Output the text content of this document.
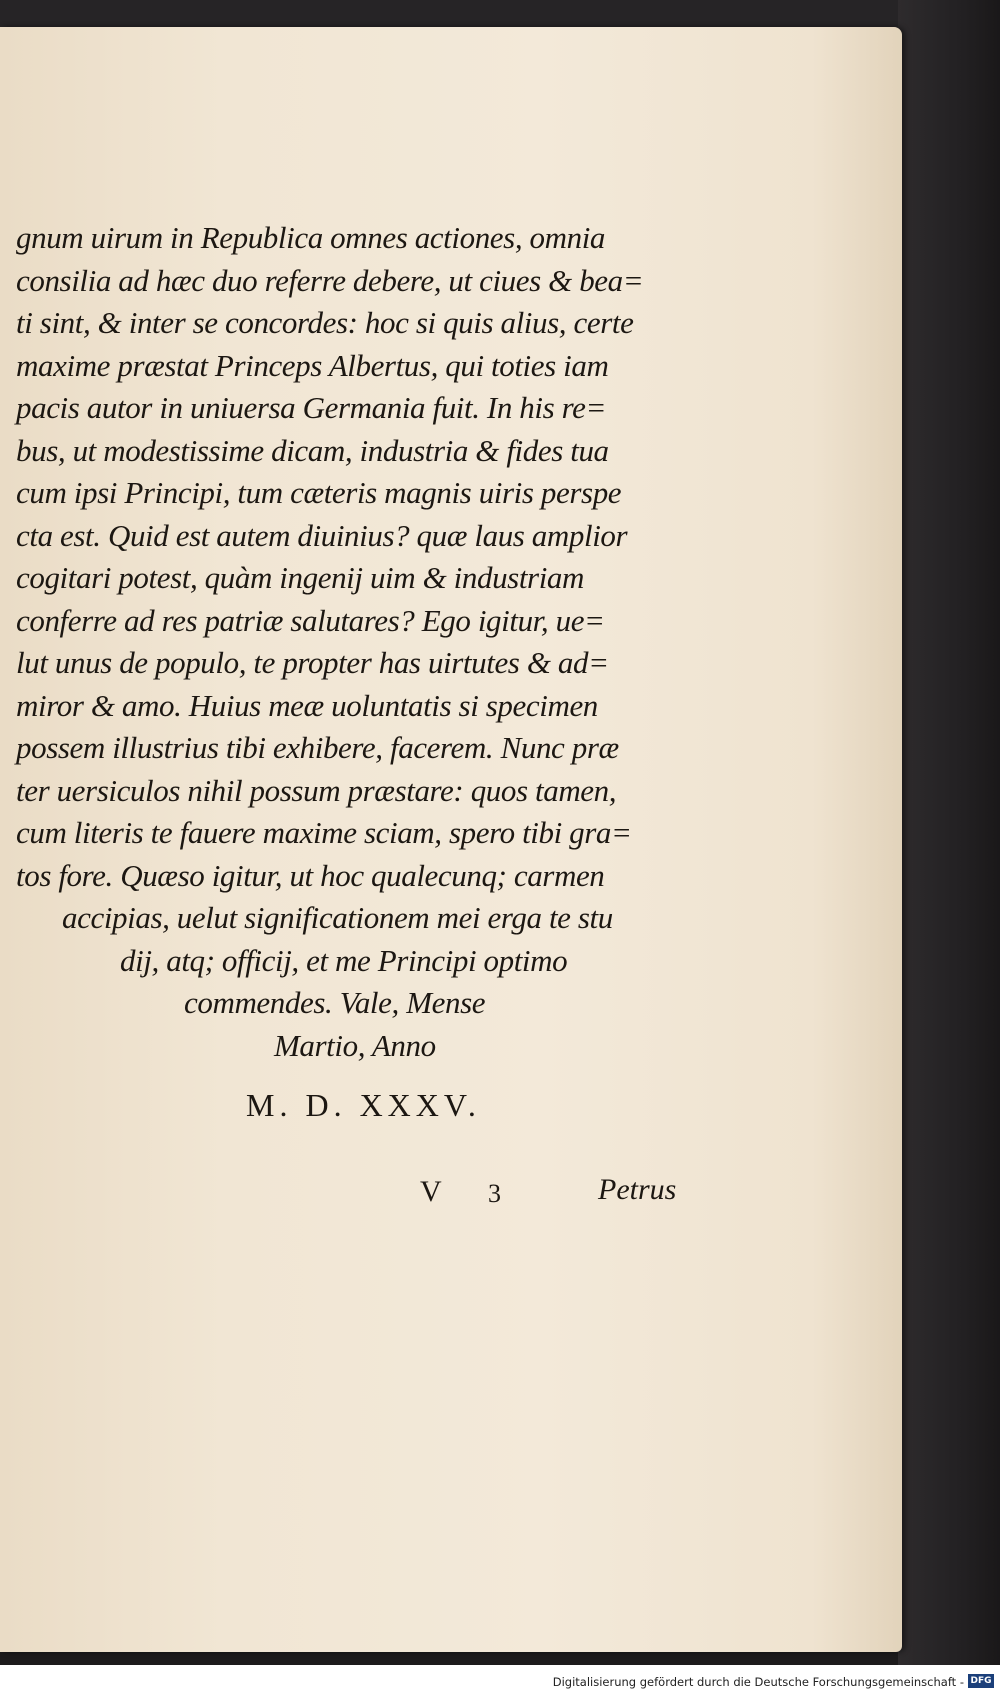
gnum uirum in Republica omnes actiones, omnia
consilia ad hæc duo referre debere, ut ciues & bea=
ti sint, & inter se concordes: hoc si quis alius, certe
maxime præstat Princeps Albertus, qui toties iam
pacis autor in uniuersa Germania fuit. In his re=
bus, ut modestissime dicam, industria & fides tua
cum ipsi Principi, tum cæteris magnis uiris perspe
cta est. Quid est autem diuinius? quæ laus amplior
cogitari potest, quàm ingenij uim & industriam
conferre ad res patriæ salutares? Ego igitur, ue=
lut unus de populo, te propter has uirtutes & ad=
miror & amo. Huius meæ uoluntatis si specimen
possem illustrius tibi exhibere, facerem. Nunc præ
ter uersiculos nihil possum præstare: quos tamen,
cum literis te fauere maxime sciam, spero tibi gra=
tos fore. Quæso igitur, ut hoc qualecunq; carmen
accipias, uelut significationem mei erga te stu
dij, atq; officij, et me Principi optimo
commendes. Vale, Mense
Martio, Anno
M. D. XXXV.
V 3	Petrus
Digitalisierung gefördert durch die Deutsche Forschungsgemeinschaft - DFG
